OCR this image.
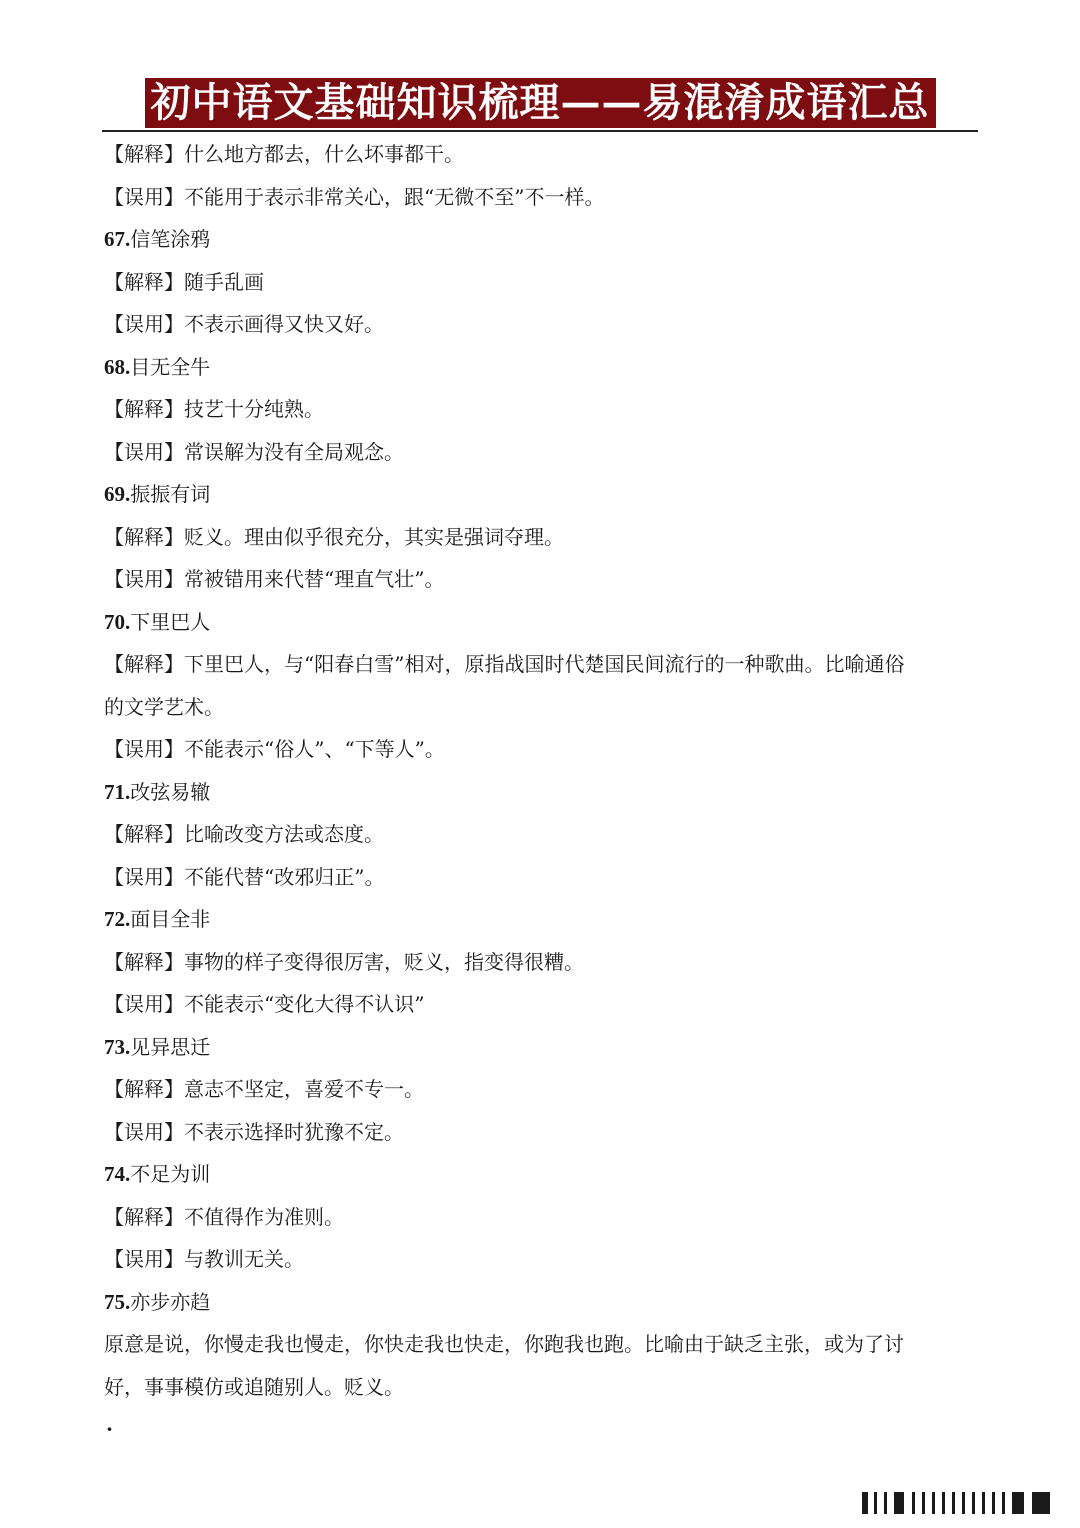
初中语文基础知识梳理——易混淆成语汇总
【解释】什么地方都去，什么坏事都干。
【误用】不能用于表示非常关心，跟“无微不至”不一样。
67.信笔涂鸦
【解释】随手乱画
【误用】不表示画得又快又好。
68.目无全牛
【解释】技艺十分纯熟。
【误用】常误解为没有全局观念。
69.振振有词
【解释】贬义。理由似乎很充分，其实是强词夺理。
【误用】常被错用来代替“理直气壮”。
70.下里巴人
【解释】下里巴人，与“阳春白雪”相对，原指战国时代楚国民间流行的一种歌曲。比喻通俗
的文学艺术。
【误用】不能表示“俗人”、“下等人”。
71.改弦易辙
【解释】比喻改变方法或态度。
【误用】不能代替“改邪归正”。
72.面目全非
【解释】事物的样子变得很厉害，贬义，指变得很糟。
【误用】不能表示“变化大得不认识”
73.见异思迁
【解释】意志不坚定，喜爱不专一。
【误用】不表示选择时犹豫不定。
74.不足为训
【解释】不值得作为准则。
【误用】与教训无关。
75.亦步亦趋
原意是说，你慢走我也慢走，你快走我也快走，你跑我也跑。比喻由于缺乏主张，或为了讨
好，事事模仿或追随别人。贬义。
·
